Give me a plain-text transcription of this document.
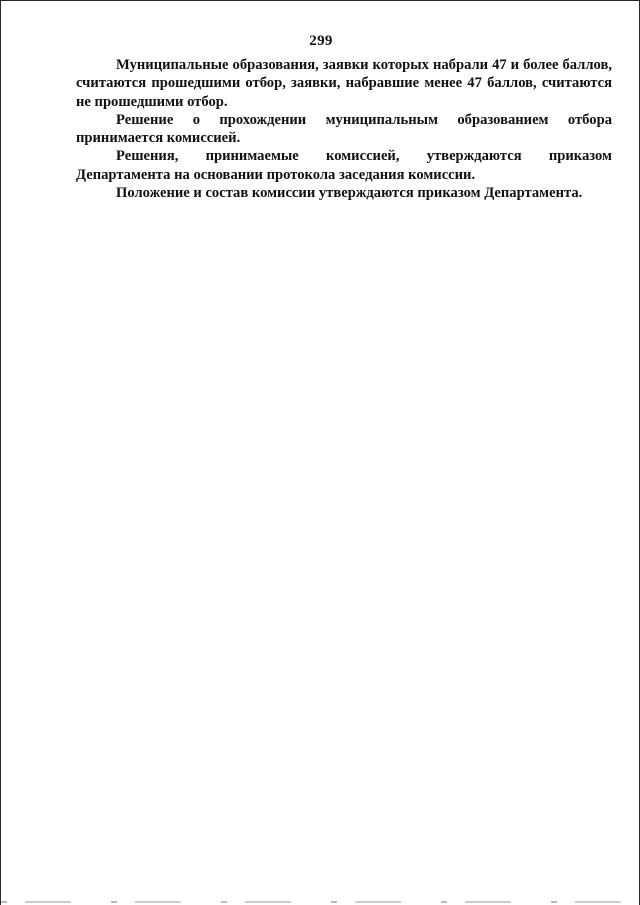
299

Муниципальные образования, заявки которых набрали 47 и более баллов, считаются прошедшими отбор, заявки, набравшие менее 47 баллов, считаются не прошедшими отбор.

Решение о прохождении муниципальным образованием отбора принимается комиссией.

Решения, принимаемые комиссией, утверждаются приказом Департамента на основании протокола заседания комиссии.

Положение и состав комиссии утверждаются приказом Департамента.
